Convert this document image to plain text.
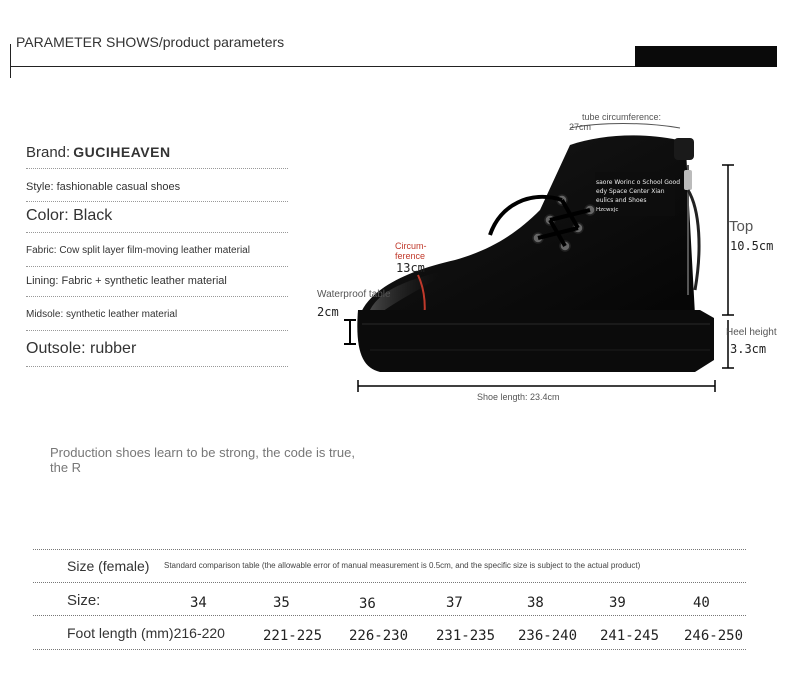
PARAMETER SHOWS/product parameters
Brand: GUCIHEAVEN
Style: fashionable casual shoes
Color: Black
Fabric: Cow split layer film-moving leather material
Lining: Fabric + synthetic leather material
Midsole: synthetic leather material
Outsole: rubber
saore Worinc o School Good
edy Space Center Xian
eulics and Shoes
Hzcwxjc
tube circumference:
27cm
Circum-
ference
13cm
Waterproof table
2cm
Top
10.5cm
Heel height
3.3cm
Shoe length: 23.4cm
Production shoes learn to be strong, the code is true, the R
Size (female) Standard comparison table (the allowable error of manual measurement is 0.5cm, and the specific size is subject to the actual product)
Size:	34	35	36	37	38	39	40
Foot length (mm)216-220	221-225 226-230 231-235 236-240 241-245 246-250
